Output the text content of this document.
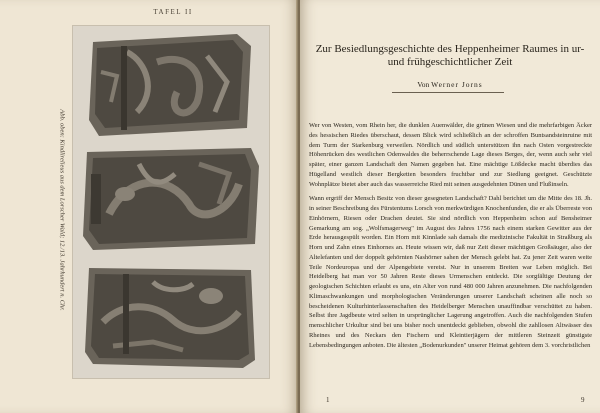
TAFEL II
Abb. oben: Kindlirelieus aus dem Lorscher Wald; 12./13. Jahrhundert n. Chr.
Zur Besiedlungsgeschichte des Heppenheimer Raumes in ur- und frühgeschichtlicher Zeit
Von Werner Jorns

Wer von Westen, vom Rhein her, die dunklen Auenwälder, die grünen Wiesen und die mehrfarbigen Äcker des hessischen Riedes überschaut, dessen Blick wird schließlich an der schroffen Buntsandsteinruine mit dem Turm der Starkenburg verweilen. Nördlich und südlich unterstützen ihn nach Osten vorgestreckte Höhenrücken des westlichen Odenwaldes die beherrschende Lage dieses Berges, der, wenn auch sehr viel später, einer ganzen Landschaft den Namen gegeben hat. Eine mächtige Lößdecke macht überdies das Hügelland westlich dieser Bergketten besonders fruchtbar und zur Siedlung geeignet. Geschützte Wohnplätze bietet aber auch das wasserreiche Ried mit seinen ausgedehnten Dünen und Flußinseln.

Wann ergriff der Mensch Besitz von dieser gesegneten Landschaft? Dahl berichtet um die Mitte des 18. Jh. in seiner Beschreibung des Fürstentums Lorsch von merkwürdigen Knochenfunden, die er als Überreste von Einhörnern, Riesen oder Drachen deutet. Sie sind nördlich von Heppenheim schon auf Bensheimer Gemarkung am sog. „Wolfsmagerweg" im August des Jahres 1756 nach einem starken Gewitter aus der Erde herausgespült worden. Ein Horn mit Kinnlade sah damals die medizinische Fakultät in Straßburg als Horn und Zahn eines Einhornes an. Heute wissen wir, daß nur Zeit dieser mächtigen Großsäuger, also der Altelefanten und der doppelt gehörnten Nashörner sahen der Mensch gelebt hat. Zu jener Zeit waren weite Teile Nordeuropas und der Alpengebiete vereist. Nur in unserem Breiten war Leben möglich. Bei Heidelberg hat man vor 50 Jahren Reste dieses Urmenschen entdeckt. Die sorgfältige Deutung der geologischen Schichten erlaubt es uns, ein Alter von rund 480 000 Jahren anzunehmen. Die nachfolgenden Klimaschwankungen und morphologischen Veränderungen unserer Landschaft scheinen alle noch so bescheidenen Kulturhinterlassenschaften des Heidelberger Menschen unauffindbar verschüttet zu haben. Selbst ihre Jagdbeute wird selten in ursprünglicher Lagerung angetroffen. Auch die nachfolgenden Stufen menschlicher Urkultur sind bei uns bisher noch unentdeckt geblieben, obwohl die zahllosen Altwässer des Rheines und des Neckars den Fischern und Kleintierjägern der mittleren Steinzeit günstigste Lebensbedingungen anboten. Die ältesten „Bodenurkunden" unserer Heimat gehören dem 3. vorchristlichen

1	9
